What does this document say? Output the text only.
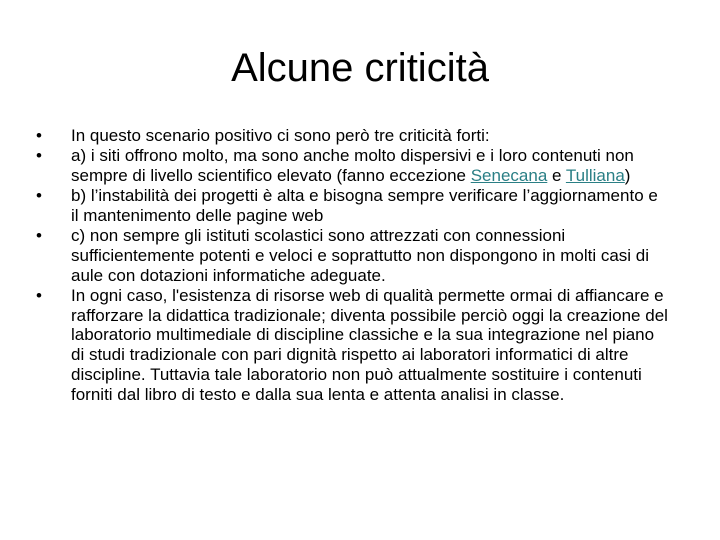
Alcune criticità
•	In questo scenario positivo ci sono però tre criticità forti:
•	a) i siti offrono molto, ma sono anche molto dispersivi e i loro contenuti non sempre di livello scientifico elevato (fanno eccezione Senecana e Tulliana)
•	b) l’instabilità dei progetti è alta e bisogna sempre verificare l’aggiornamento e il mantenimento delle pagine web
•	c) non sempre gli istituti scolastici sono attrezzati con connessioni sufficientemente potenti e veloci e soprattutto non dispongono in molti casi di aule con dotazioni informatiche adeguate.
•	In ogni caso, l'esistenza di risorse web di qualità permette ormai di affiancare e rafforzare la didattica tradizionale; diventa possibile perciò oggi la creazione del laboratorio multimediale di discipline classiche e la sua integrazione nel piano di studi tradizionale con pari dignità rispetto ai laboratori informatici di altre discipline. Tuttavia tale laboratorio non può attualmente sostituire i contenuti forniti dal libro di testo e dalla sua lenta e attenta analisi in classe.
